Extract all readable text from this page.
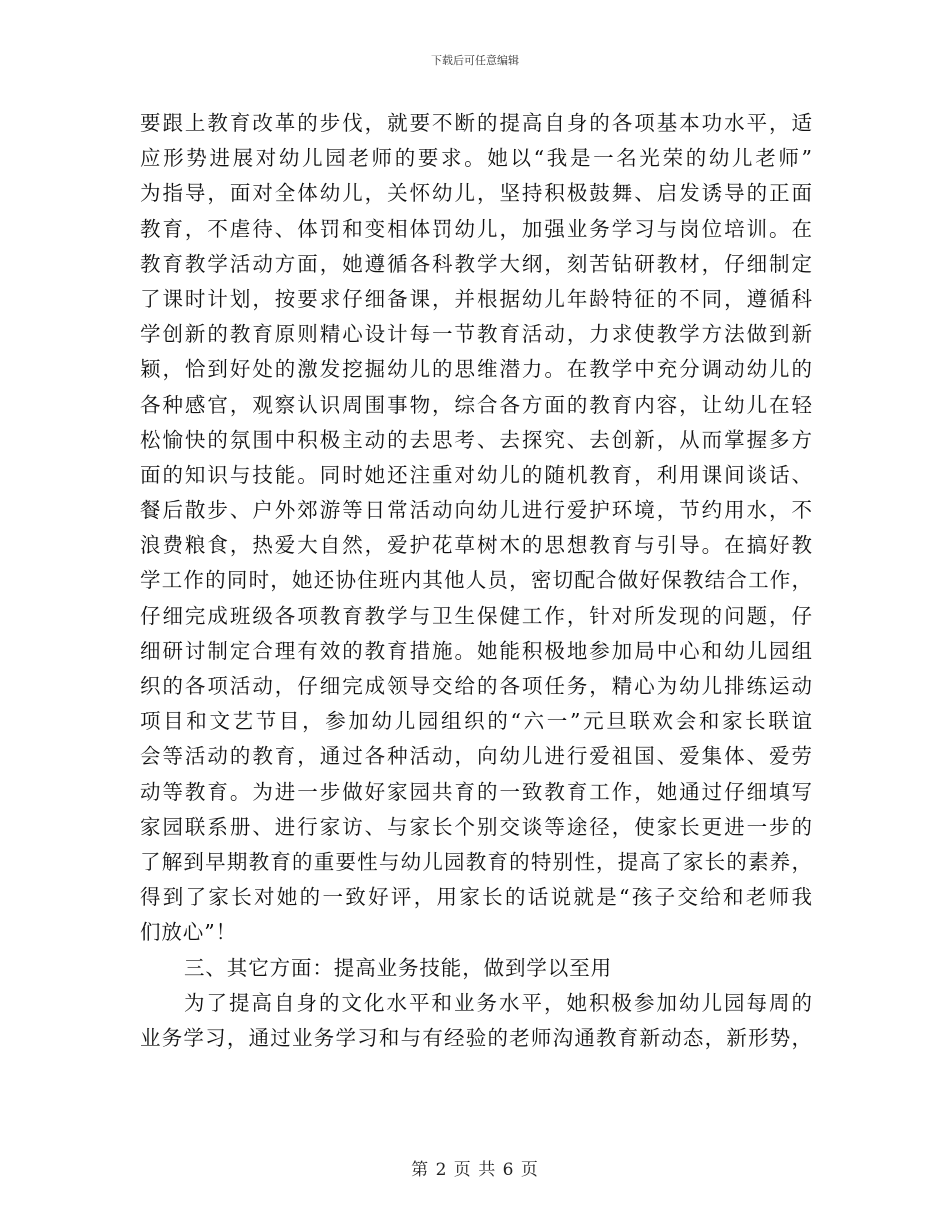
下载后可任意编辑
要跟上教育改革的步伐，就要不断的提高自身的各项基本功水平，适
应形势进展对幼儿园老师的要求。她以“我是一名光荣的幼儿老师”
为指导，面对全体幼儿，关怀幼儿，坚持积极鼓舞、启发诱导的正面
教育，不虐待、体罚和变相体罚幼儿，加强业务学习与岗位培训。在
教育教学活动方面，她遵循各科教学大纲，刻苦钻研教材，仔细制定
了课时计划，按要求仔细备课，并根据幼儿年龄特征的不同，遵循科
学创新的教育原则精心设计每一节教育活动，力求使教学方法做到新
颖，恰到好处的激发挖掘幼儿的思维潜力。在教学中充分调动幼儿的
各种感官，观察认识周围事物，综合各方面的教育内容，让幼儿在轻
松愉快的氛围中积极主动的去思考、去探究、去创新，从而掌握多方
面的知识与技能。同时她还注重对幼儿的随机教育，利用课间谈话、
餐后散步、户外郊游等日常活动向幼儿进行爱护环境，节约用水，不
浪费粮食，热爱大自然，爱护花草树木的思想教育与引导。在搞好教
学工作的同时，她还协住班内其他人员，密切配合做好保教结合工作，
仔细完成班级各项教育教学与卫生保健工作，针对所发现的问题，仔
细研讨制定合理有效的教育措施。她能积极地参加局中心和幼儿园组
织的各项活动，仔细完成领导交给的各项任务，精心为幼儿排练运动
项目和文艺节目，参加幼儿园组织的“六一”元旦联欢会和家长联谊
会等活动的教育，通过各种活动，向幼儿进行爱祖国、爱集体、爱劳
动等教育。为进一步做好家园共育的一致教育工作，她通过仔细填写
家园联系册、进行家访、与家长个别交谈等途径，使家长更进一步的
了解到早期教育的重要性与幼儿园教育的特别性，提高了家长的素养，
得到了家长对她的一致好评，用家长的话说就是“孩子交给和老师我
们放心”！
三、其它方面：提高业务技能，做到学以至用
为了提高自身的文化水平和业务水平，她积极参加幼儿园每周的
业务学习，通过业务学习和与有经验的老师沟通教育新动态，新形势，
第 2 页 共 6 页
